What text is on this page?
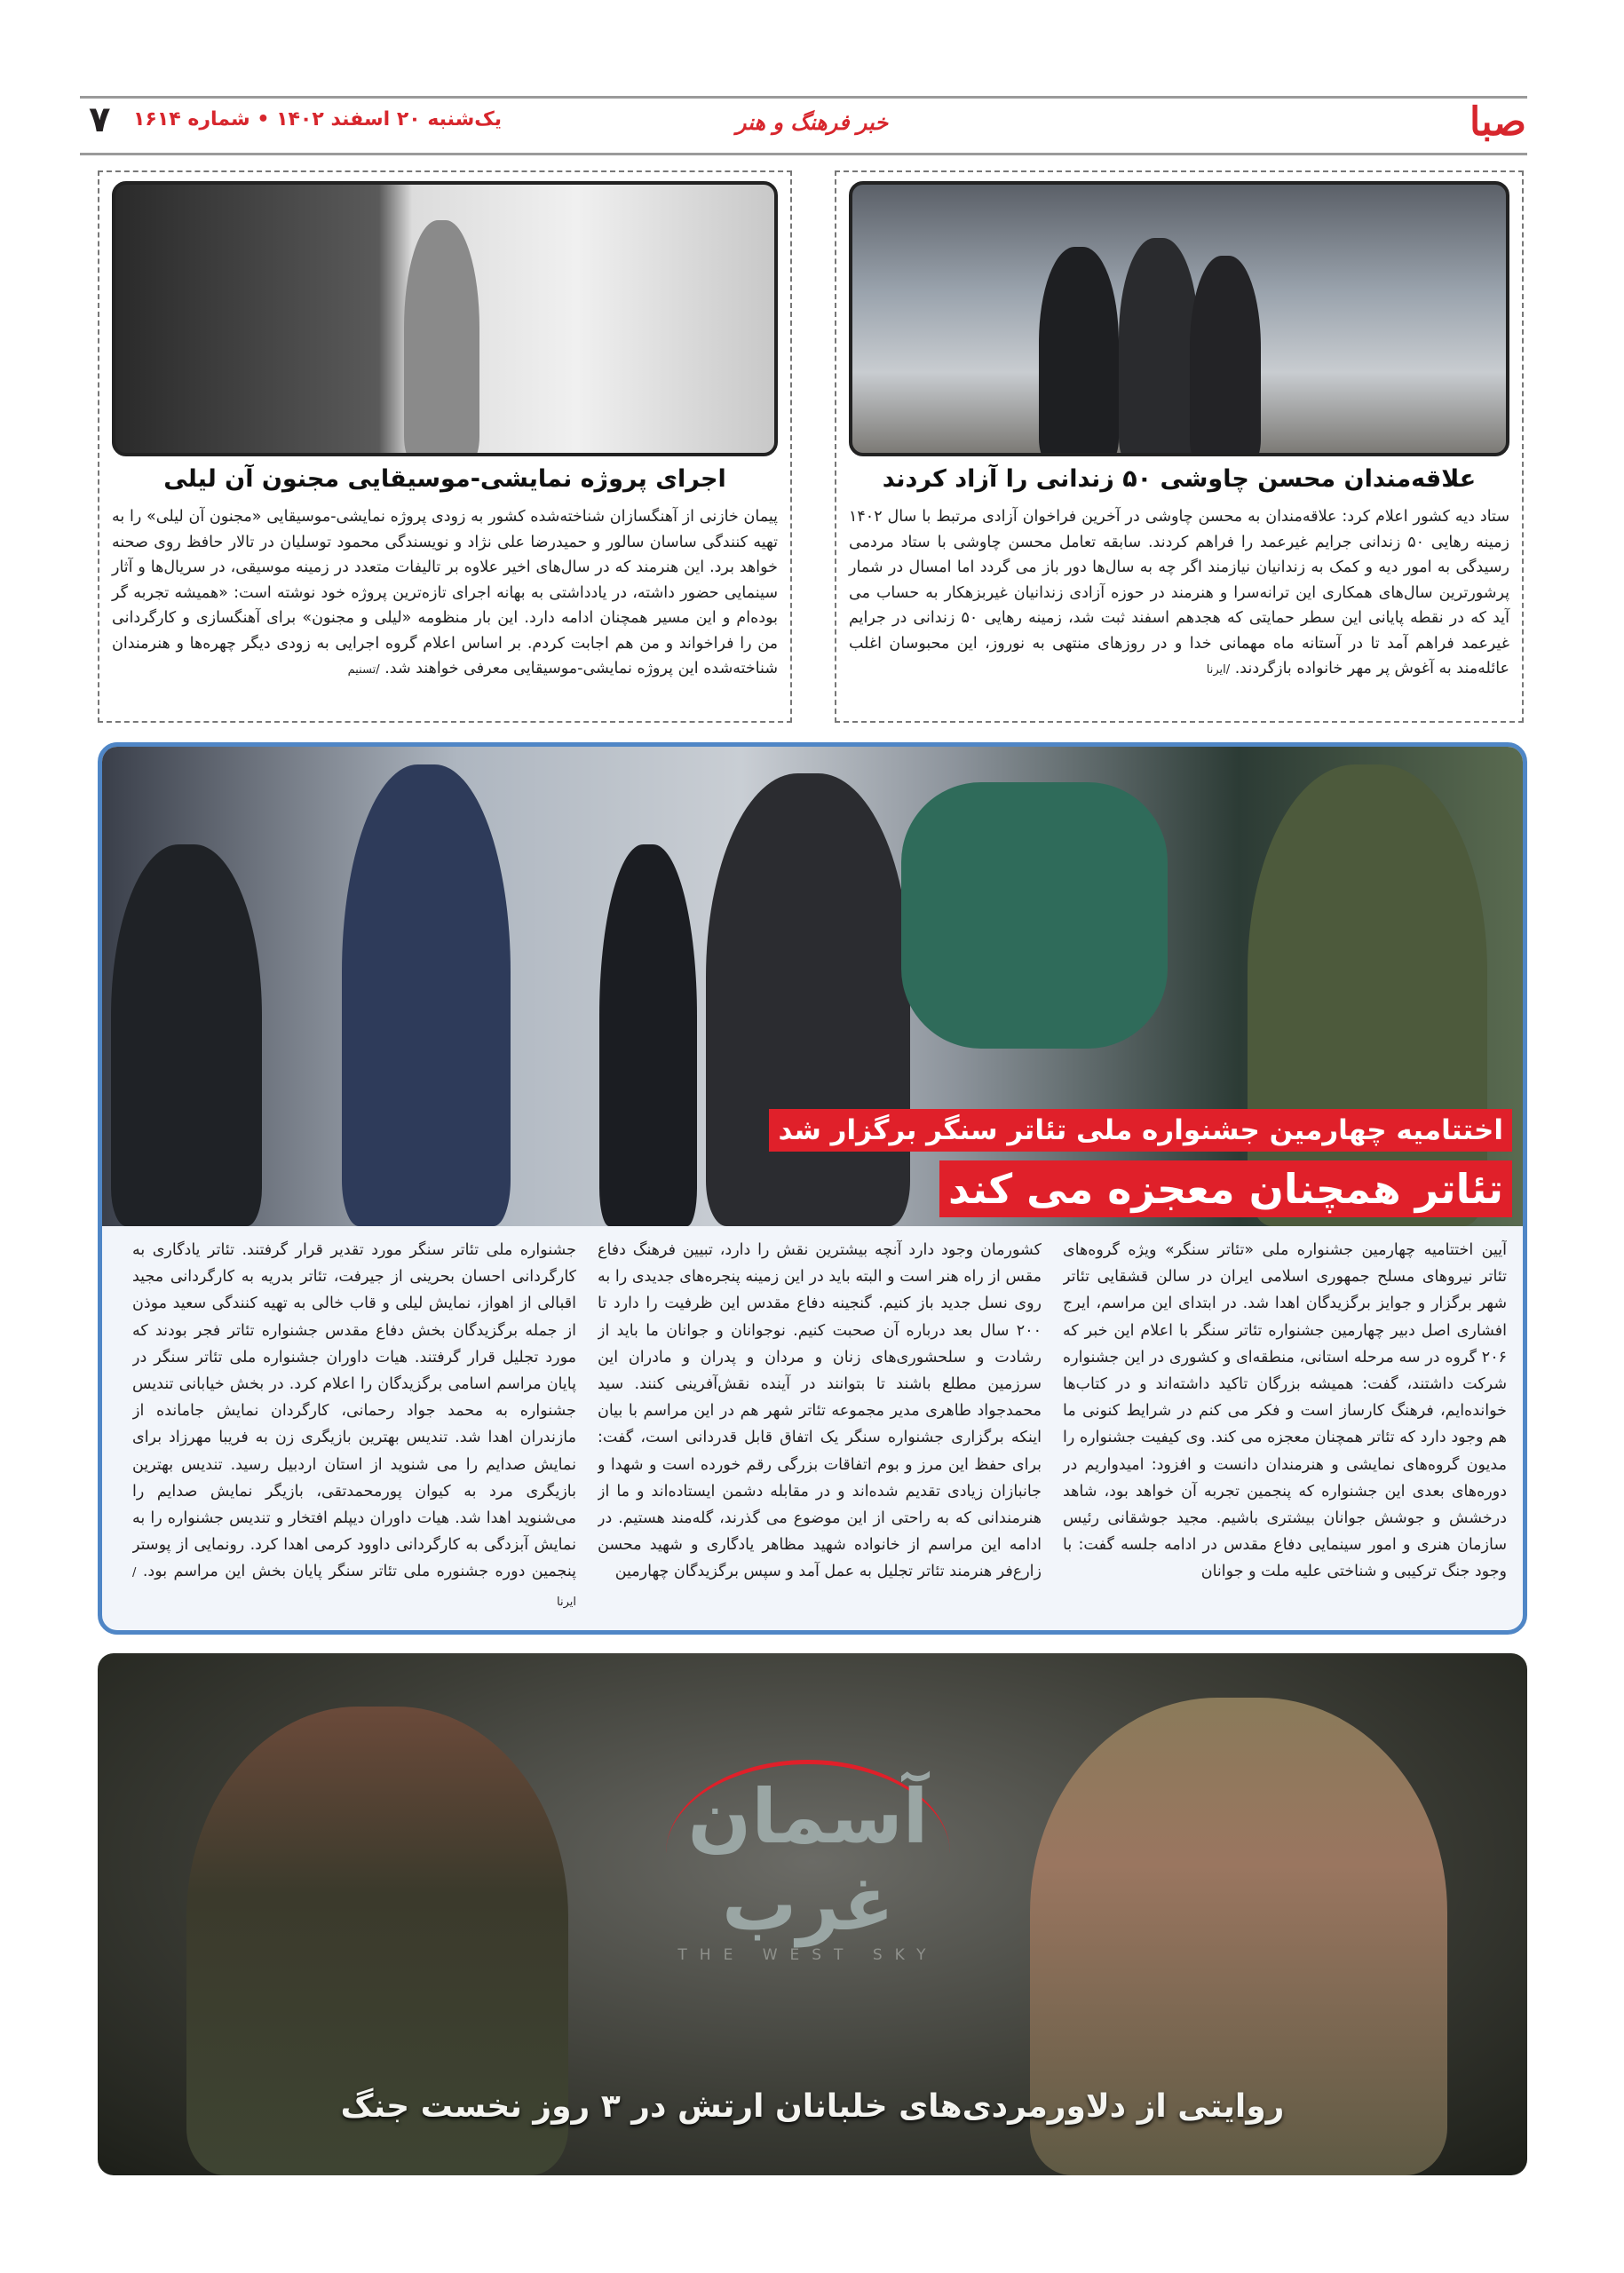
۷ یک‌شنبه ۲۰ اسفند ۱۴۰۲ • شماره ۱۶۱۴	خبر فرهنگ و هنر	صبا
علاقه‌مندان محسن چاوشی ۵۰ زندانی را آزاد کردند
ستاد دیه کشور اعلام کرد: علاقه‌مندان به محسن چاوشی در آخرین فراخوان آزادی مرتبط با سال ۱۴۰۲ زمینه رهایی ۵۰ زندانی جرایم غیرعمد را فراهم کردند. سابقه تعامل محسن چاوشی با ستاد مردمی رسیدگی به امور دیه و کمک به زندانیان نیازمند اگر چه به سال‌ها دور باز می گردد اما امسال در شمار پرشورترین سال‌های همکاری این ترانه‌سرا و هنرمند در حوزه آزادی زندانیان غیربزهکار به حساب می آید که در نقطه پایانی این سطر حمایتی که هجدهم اسفند ثبت شد، زمینه رهایی ۵۰ زندانی در جرایم غیرعمد فراهم آمد تا در آستانه ماه مهمانی خدا و در روزهای منتهی به نوروز، این محبوسان اغلب عائله‌مند به آغوش پر مهر خانواده بازگردند. /ایرنا
اجرای پروژه نمایشی-موسیقایی مجنون آن لیلی
پیمان خازنی از آهنگسازان شناخته‌شده کشور به زودی پروژه نمایشی-موسیقایی «مجنون آن لیلی» را به تهیه کنندگی ساسان سالور و حمیدرضا علی نژاد و نویسندگی محمود توسلیان در تالار حافظ روی صحنه خواهد برد. این هنرمند که در سال‌های اخیر علاوه بر تالیفات متعدد در زمینه موسیقی، در سریال‌ها و آثار سینمایی حضور داشته، در یادداشتی به بهانه اجرای تازه‌ترین پروژه خود نوشته است: «همیشه تجربه گر بوده‌ام و این مسیر همچنان ادامه دارد. این بار منظومه «لیلی و مجنون» برای آهنگسازی و کارگردانی من را فراخواند و من هم اجابت کردم. بر اساس اعلام گروه اجرایی به زودی دیگر چهره‌ها و هنرمندان شناخته‌شده این پروژه نمایشی-موسیقایی معرفی خواهند شد. /تسنیم
اختتامیه چهارمین جشنواره ملی تئاتر سنگر برگزار شد
تئاتر همچنان معجزه می کند
آیین اختتامیه چهارمین جشنواره ملی «تئاتر سنگر» ویژه گروه‌های تئاتر نیروهای مسلح جمهوری اسلامی ایران در سالن قشقایی تئاتر شهر برگزار و جوایز برگزیدگان اهدا شد. در ابتدای این مراسم، ایرج افشاری اصل دبیر چهارمین جشنواره تئاتر سنگر با اعلام این خبر که ۲۰۶ گروه در سه مرحله استانی، منطقه‌ای و کشوری در این جشنواره شرکت داشتند، گفت: همیشه بزرگان تاکید داشته‌اند و در کتاب‌ها خوانده‌ایم، فرهنگ کارساز است و فکر می کنم در شرایط کنونی ما هم وجود دارد که تئاتر همچنان معجزه می کند. وی کیفیت جشنواره را مدیون گروه‌های نمایشی و هنرمندان دانست و افزود: امیدواریم در دوره‌های بعدی این جشنواره که پنجمین تجربه آن خواهد بود، شاهد درخشش و جوشش جوانان بیشتری باشیم. مجید جوشقانی رئیس سازمان هنری و امور سینمایی دفاع مقدس در ادامه جلسه گفت: با وجود جنگ ترکیبی و شناختی علیه ملت و جوانان
کشورمان وجود دارد آنچه بیشترین نقش را دارد، تبیین فرهنگ دفاع مقس از راه هنر است و البته باید در این زمینه پنجره‌های جدیدی را به روی نسل جدید باز کنیم. گنجینه دفاع مقدس این ظرفیت را دارد تا ۲۰۰ سال بعد درباره آن صحبت کنیم. نوجوانان و جوانان ما باید از رشادت و سلحشوری‌های زنان و مردان و پدران و مادران این سرزمین مطلع باشند تا بتوانند در آینده نقش‌آفرینی کنند. سید محمدجواد طاهری مدیر مجموعه تئاتر شهر هم در این مراسم با بیان اینکه برگزاری جشنواره سنگر یک اتفاق قابل قدردانی است، گفت: برای حفظ این مرز و بوم اتفاقات بزرگی رقم خورده است و شهدا و جانبازان زیادی تقدیم شده‌اند و در مقابله دشمن ایستاده‌اند و ما از هنرمندانی که به راحتی از این موضوع می گذرند، گله‌مند هستیم. در ادامه این مراسم از خانواده شهید مظاهر یادگاری و شهید محسن زارع‌فر هنرمند تئاتر تجلیل به عمل آمد و سپس برگزیدگان چهارمین
جشنواره ملی تئاتر سنگر مورد تقدیر قرار گرفتند. تئاتر یادگاری به کارگردانی احسان بحرینی از جیرفت، تئاتر بدریه به کارگردانی مجید اقبالی از اهواز، نمایش لیلی و قاب خالی به تهیه کنندگی سعید موذن از جمله برگزیدگان بخش دفاع مقدس جشنواره تئاتر فجر بودند که مورد تجلیل قرار گرفتند. هیات داوران جشنواره ملی تئاتر سنگر در پایان مراسم اسامی برگزیدگان را اعلام کرد. در بخش خیابانی تندیس جشنواره به محمد جواد رحمانی، کارگردان نمایش جامانده از مازندران اهدا شد. تندیس بهترین بازیگری زن به فریبا مهرزاد برای نمایش صدایم را می شنوید از استان اردبیل رسید. تندیس بهترین بازیگری مرد به کیوان پورمحمدتقی، بازیگر نمایش صدایم را می‌شنوید اهدا شد. هیات داوران دیپلم افتخار و تندیس جشنواره را به نمایش آبزدگی به کارگردانی داوود کرمی اهدا کرد. رونمایی از پوستر پنجمین دوره جشنوره ملی تئاتر سنگر پایان بخش این مراسم بود. /ایرنا
آسمان غرب
THE WEST SKY
روایتی از دلاورمردی‌های خلبانان ارتش در ۳ روز نخست جنگ
